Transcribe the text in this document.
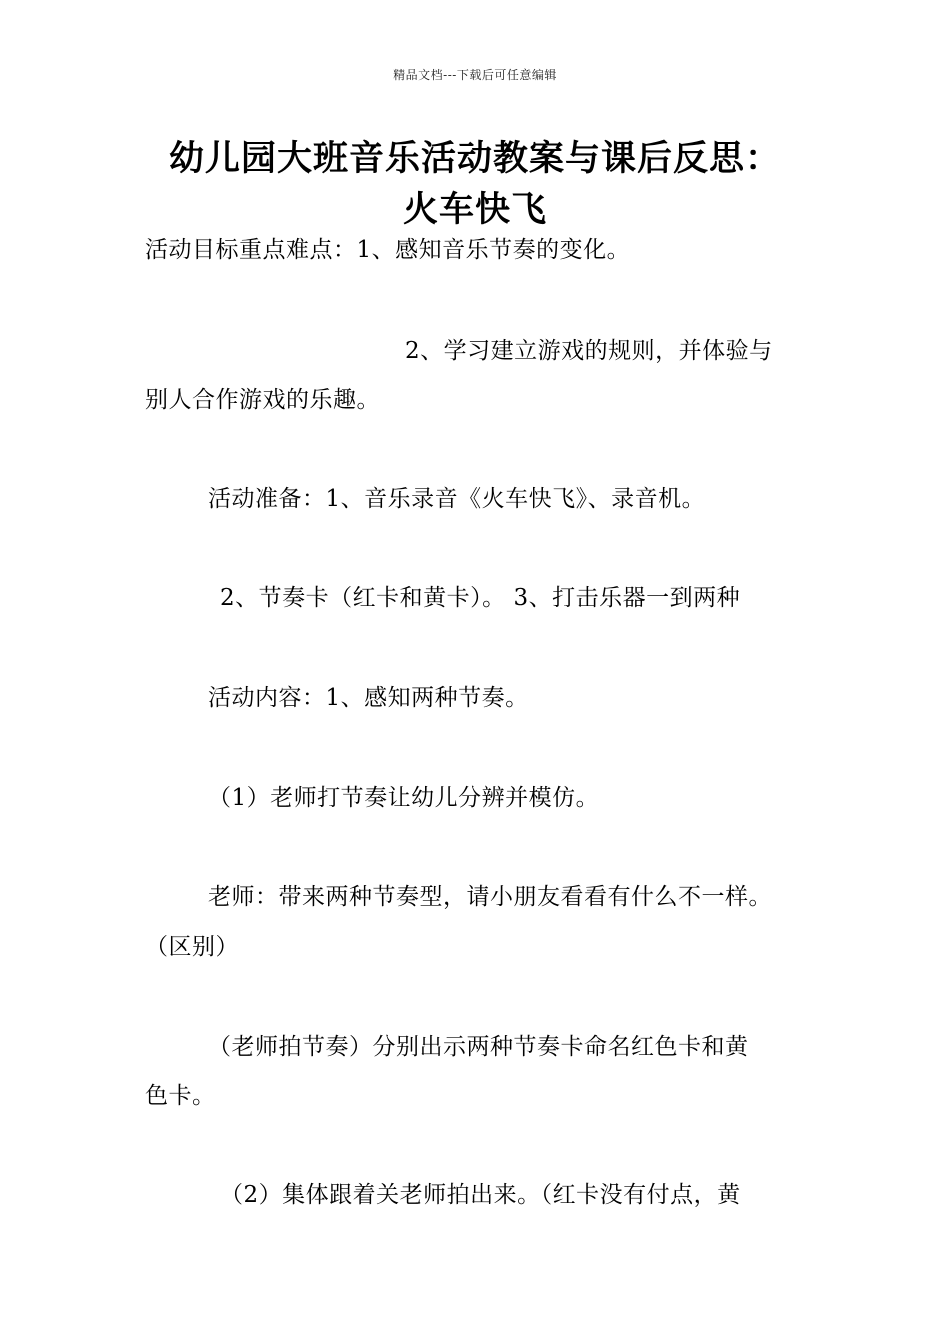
精品文档---下载后可任意编辑
幼儿园大班音乐活动教案与课后反思：
火车快飞
活动目标重点难点：1、感知音乐节奏的变化。
2、学习建立游戏的规则，并体验与
别人合作游戏的乐趣。
活动准备：1、音乐录音《火车快飞》、录音机。
2、节奏卡（红卡和黄卡）。 3、打击乐器一到两种
活动内容：1、感知两种节奏。
（1）老师打节奏让幼儿分辨并模仿。
老师：带来两种节奏型，请小朋友看看有什么不一样。
（区别）
（老师拍节奏）分别出示两种节奏卡命名红色卡和黄
色卡。
（2）集体跟着关老师拍出来。（红卡没有付点，黄
